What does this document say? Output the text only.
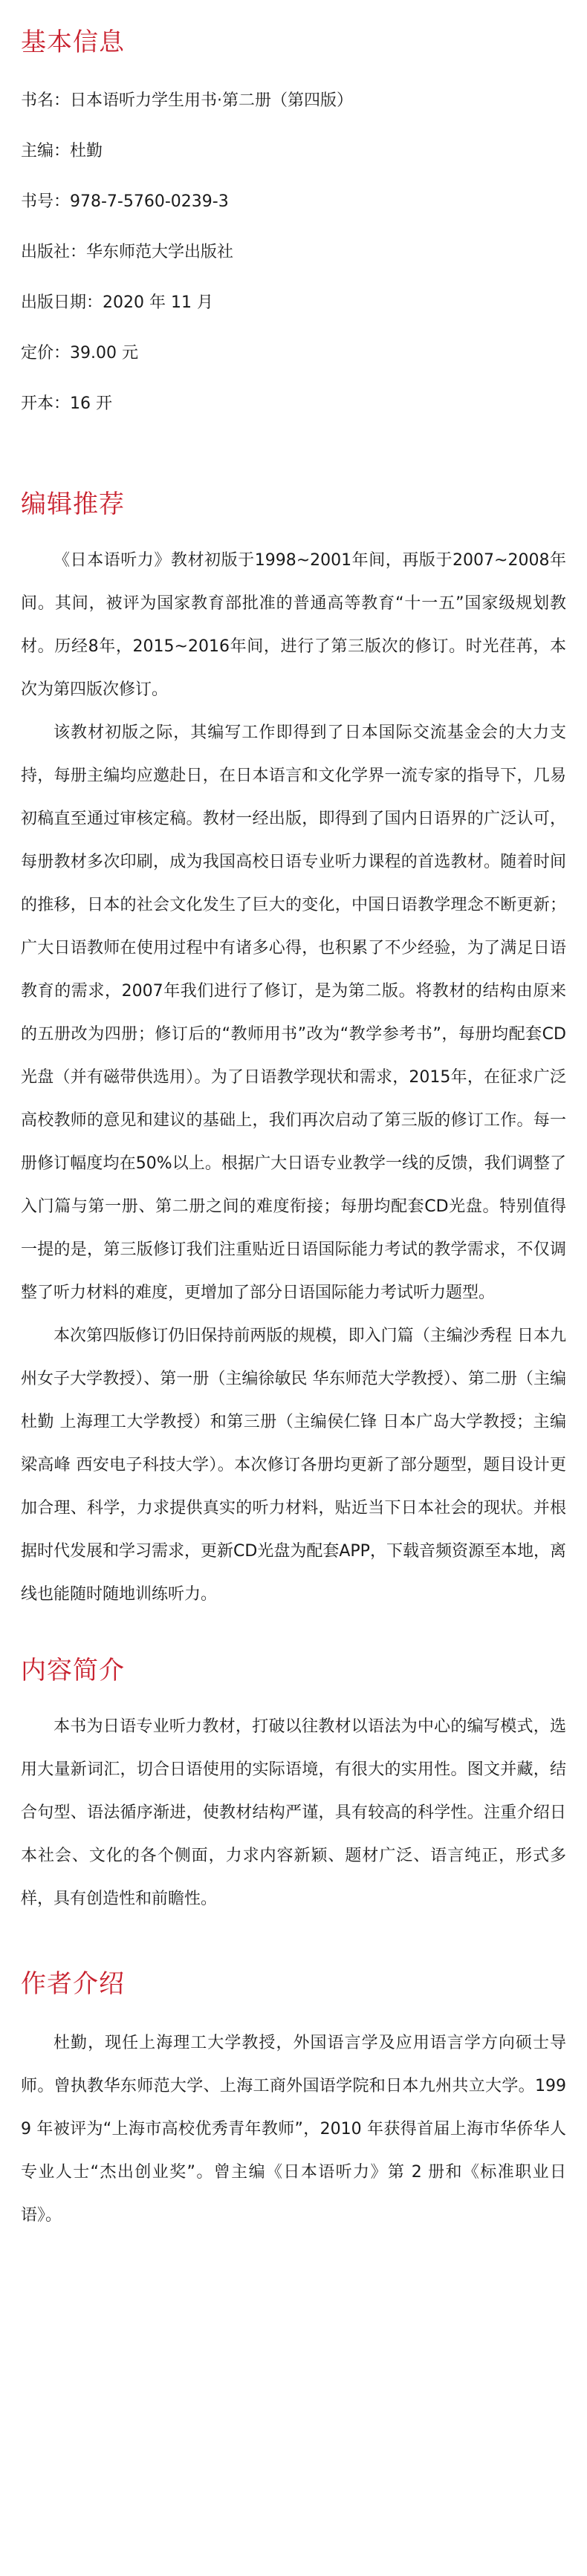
基本信息
书名：日本语听力学生用书·第二册（第四版）
主编：杜勤
书号：978-7-5760-0239-3
出版社：华东师范大学出版社
出版日期：2020 年 11 月
定价：39.00 元
开本：16 开
编辑推荐

《日本语听力》教材初版于1998~2001年间，再版于2007~2008年间。其间，被评为国家教育部批准的普通高等教育“十一五”国家级规划教材。历经8年，2015~2016年间，进行了第三版次的修订。时光荏苒，本次为第四版次修订。

该教材初版之际，其编写工作即得到了日本国际交流基金会的大力支持，每册主编均应邀赴日，在日本语言和文化学界一流专家的指导下，几易初稿直至通过审核定稿。教材一经出版，即得到了国内日语界的广泛认可，每册教材多次印刷，成为我国高校日语专业听力课程的首选教材。随着时间的推移，日本的社会文化发生了巨大的变化，中国日语教学理念不断更新；广大日语教师在使用过程中有诸多心得，也积累了不少经验，为了满足日语教育的需求，2007年我们进行了修订，是为第二版。将教材的结构由原来的五册改为四册；修订后的“教师用书”改为“教学参考书”，每册均配套CD光盘（并有磁带供选用）。为了日语教学现状和需求，2015年，在征求广泛高校教师的意见和建议的基础上，我们再次启动了第三版的修订工作。每一册修订幅度均在50%以上。根据广大日语专业教学一线的反馈，我们调整了入门篇与第一册、第二册之间的难度衔接；每册均配套CD光盘。特别值得一提的是，第三版修订我们注重贴近日语国际能力考试的教学需求，不仅调整了听力材料的难度，更增加了部分日语国际能力考试听力题型。

本次第四版修订仍旧保持前两版的规模，即入门篇（主编沙秀程 日本九州女子大学教授）、第一册（主编徐敏民 华东师范大学教授）、第二册（主编杜勤 上海理工大学教授）和第三册（主编侯仁锋 日本广岛大学教授；主编梁高峰 西安电子科技大学）。本次修订各册均更新了部分题型，题目设计更加合理、科学，力求提供真实的听力材料，贴近当下日本社会的现状。并根据时代发展和学习需求，更新CD光盘为配套APP，下载音频资源至本地，离线也能随时随地训练听力。

内容简介

本书为日语专业听力教材，打破以往教材以语法为中心的编写模式，选用大量新词汇，切合日语使用的实际语境，有很大的实用性。图文并藏，结合句型、语法循序渐进，使教材结构严谨，具有较高的科学性。注重介绍日本社会、文化的各个侧面，力求内容新颖、题材广泛、语言纯正，形式多样，具有创造性和前瞻性。

作者介绍

杜勤，现任上海理工大学教授，外国语言学及应用语言学方向硕士导师。曾执教华东师范大学、上海工商外国语学院和日本九州共立大学。1999 年被评为“上海市高校优秀青年教师”，2010 年获得首届上海市华侨华人专业人士“杰出创业奖”。曾主编《日本语听力》第 2 册和《标准职业日语》。
